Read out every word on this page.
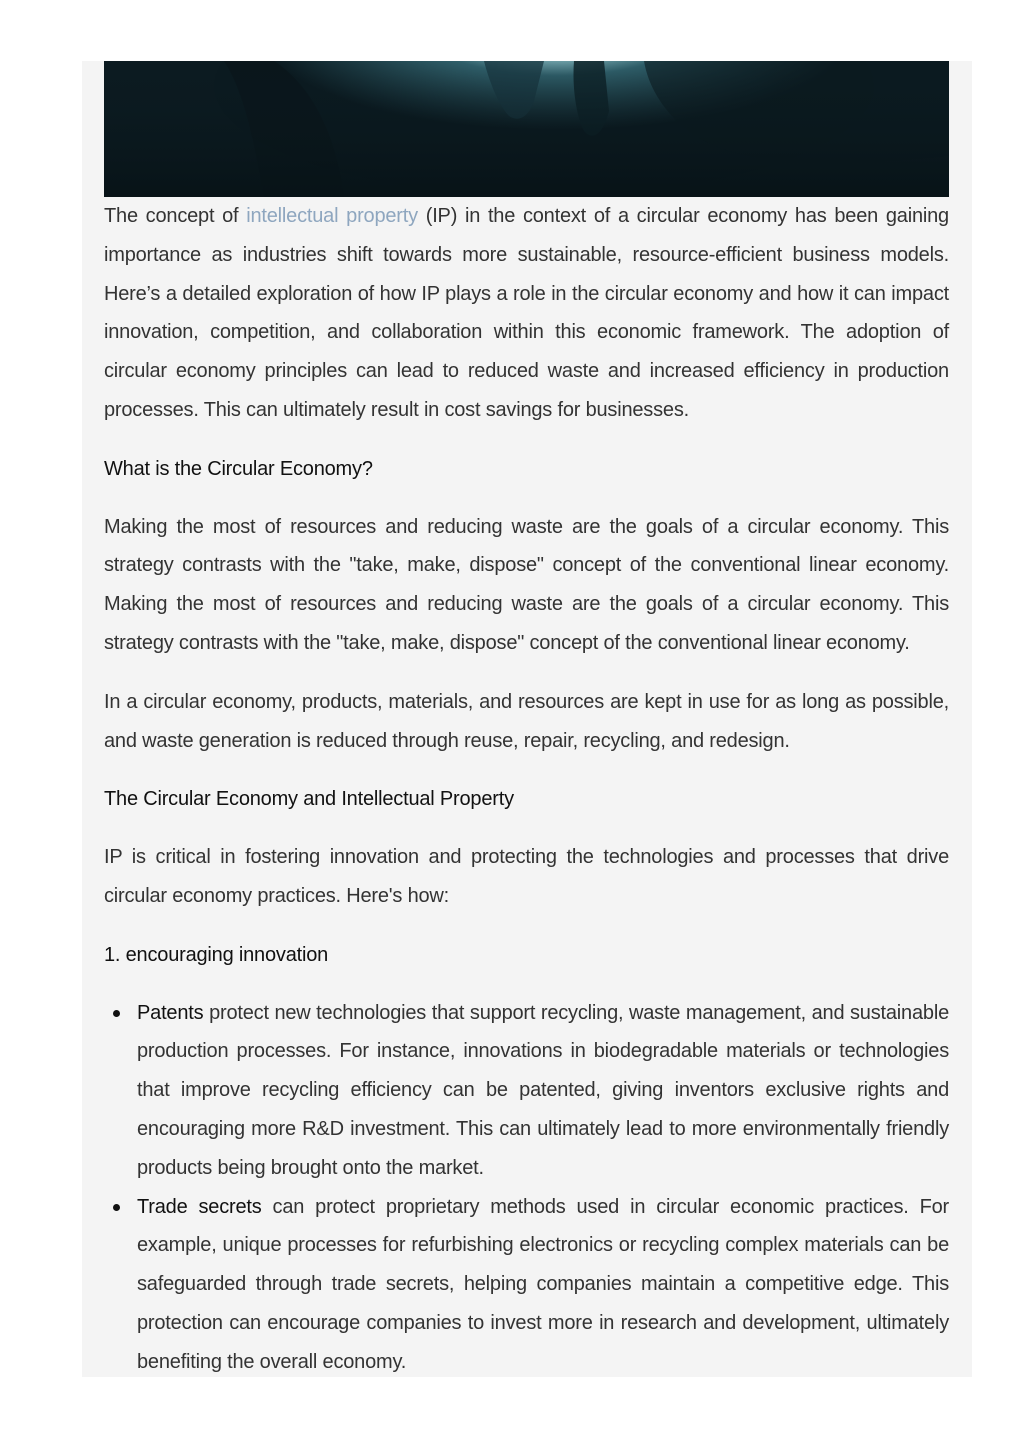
The concept of intellectual property (IP) in the context of a circular economy has been gaining importance as industries shift towards more sustainable, resource-efficient business models. Here’s a detailed exploration of how IP plays a role in the circular economy and how it can impact innovation, competition, and collaboration within this economic framework. The adoption of circular economy principles can lead to reduced waste and increased efficiency in production processes. This can ultimately result in cost savings for businesses.

What is the Circular Economy?

Making the most of resources and reducing waste are the goals of a circular economy. This strategy contrasts with the "take, make, dispose" concept of the conventional linear economy. Making the most of resources and reducing waste are the goals of a circular economy. This strategy contrasts with the "take, make, dispose" concept of the conventional linear economy.

In a circular economy, products, materials, and resources are kept in use for as long as possible, and waste generation is reduced through reuse, repair, recycling, and redesign.

The Circular Economy and Intellectual Property

IP is critical in fostering innovation and protecting the technologies and processes that drive circular economy practices. Here's how:

1. encouraging innovation
Patents protect new technologies that support recycling, waste management, and sustainable production processes. For instance, innovations in biodegradable materials or technologies that improve recycling efficiency can be patented, giving inventors exclusive rights and encouraging more R&D investment. This can ultimately lead to more environmentally friendly products being brought onto the market.
Trade secrets can protect proprietary methods used in circular economic practices. For example, unique processes for refurbishing electronics or recycling complex materials can be safeguarded through trade secrets, helping companies maintain a competitive edge. This protection can encourage companies to invest more in research and development, ultimately benefiting the overall economy.
